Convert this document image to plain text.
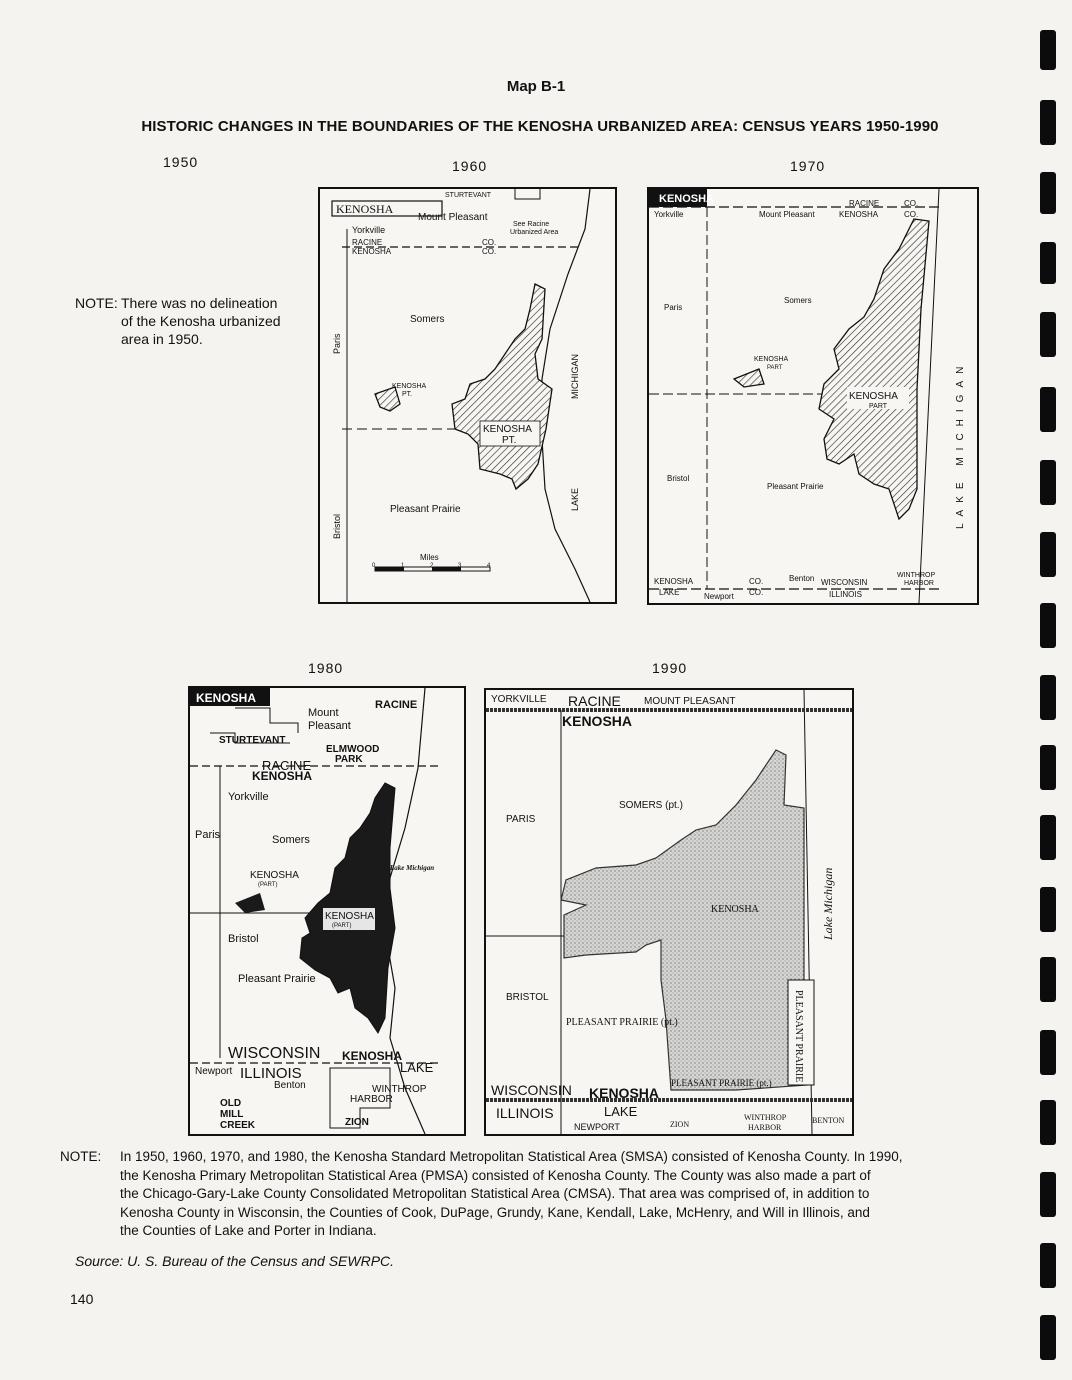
Map B-1
HISTORIC CHANGES IN THE BOUNDARIES OF THE KENOSHA URBANIZED AREA: CENSUS YEARS 1950-1990
1950	1960	1970
1980	1990
NOTE: There was no delineation
of the Kenosha urbanized
area in 1950.
KENOSHA
STURTEVANT
Mount Pleasant
See Racine
Urbanized Area
Yorkville
RACINE
KENOSHA
CO.
CO.
Somers
Paris
MICHIGAN
KENOSHA
PT.
KENOSHA
PT.
Bristol
Pleasant Prairie	LAKE
Miles
0	1	2	3	4
KENOSHA
Yorkville	Mount Pleasant
RACINE	CO.
KENOSHA	CO.
Paris
Somers
KENOSHA
PART
KENOSHA
PART
Bristol
Pleasant Prairie	LAKE MICHIGAN
KENOSHA
LAKE
CO.
CO.
Newport
Benton WISCONSIN
ILLINOIS
WINTHROP
HARBOR
KENOSHA
Mount
Pleasant
RACINE
STURTEVANT
ELMWOOD
PARK
RACINE
KENOSHA
Yorkville
Paris	Somers
Lake Michigan
KENOSHA
(PART)
KENOSHA
(PART)
Bristol
Pleasant Prairie
WISCONSIN KENOSHA
Newport ILLINOIS	LAKE
Benton
OLD
MILL
CREEK
WINTHROP
HARBOR
ZION
YORKVILLE RACINE MOUNT PLEASANT
KENOSHA
PARIS
SOMERS (pt.)
KENOSHA	Lake Michigan
BRISTOL
PLEASANT PRAIRIE (pt.)	PLEASANT PRAIRIE
PLEASANT PRAIRIE (pt.)
WISCONSIN KENOSHA
ILLINOIS	LAKE
NEWPORT	ZION
WINTHROP
HARBOR
BENTON
NOTE: In 1950, 1960, 1970, and 1980, the Kenosha Standard Metropolitan Statistical Area (SMSA) consisted of Kenosha County. In 1990,
the Kenosha Primary Metropolitan Statistical Area (PMSA) consisted of Kenosha County. The County was also made a part of
the Chicago-Gary-Lake County Consolidated Metropolitan Statistical Area (CMSA). That area was comprised of, in addition to
Kenosha County in Wisconsin, the Counties of Cook, DuPage, Grundy, Kane, Kendall, Lake, McHenry, and Will in Illinois, and
the Counties of Lake and Porter in Indiana.
Source: U. S. Bureau of the Census and SEWRPC.
140
